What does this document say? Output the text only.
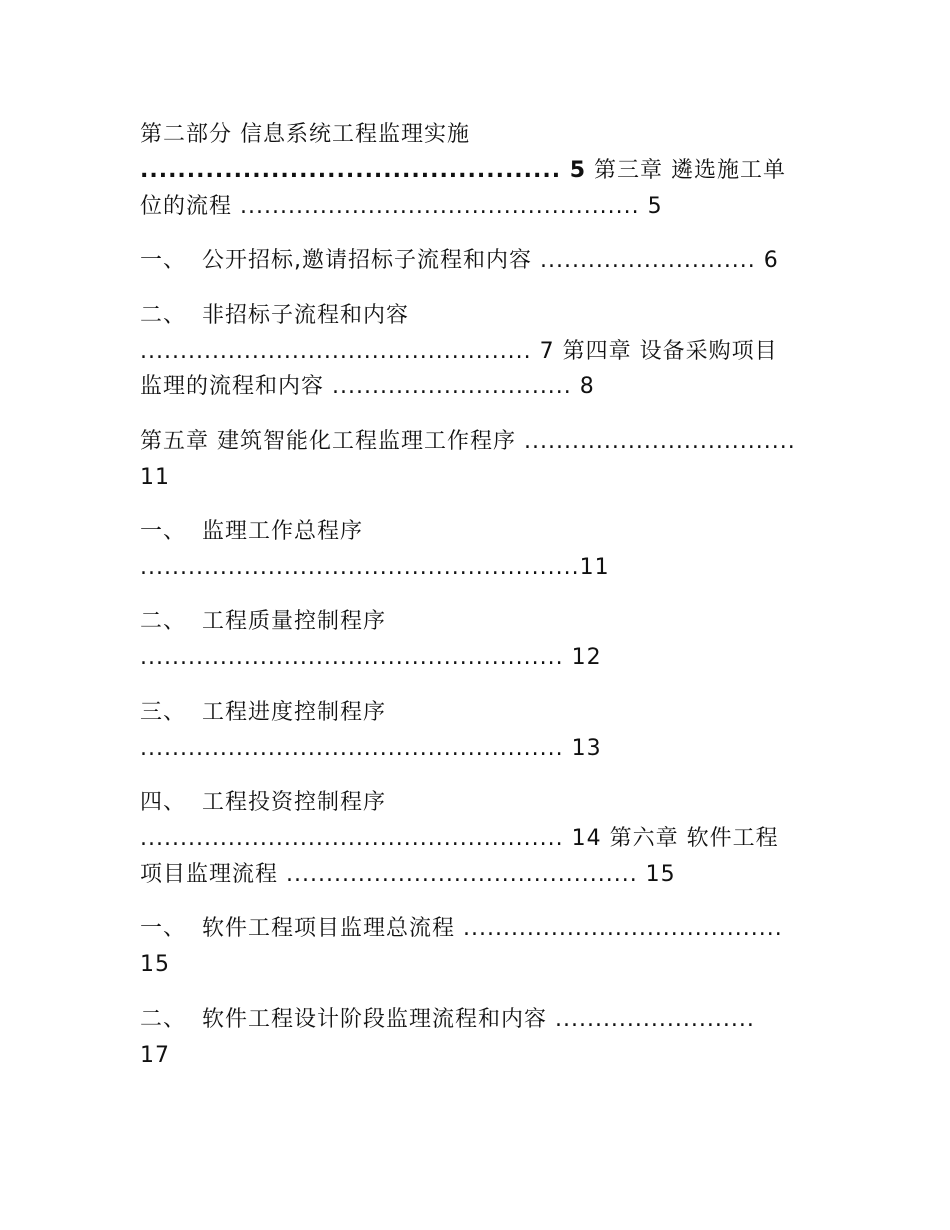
第二部分 信息系统工程监理实施
............................................. 5 第三章 遴选施工单
位的流程 .................................................. 5
一、  公开招标,邀请招标子流程和内容 ........................... 6
二、  非招标子流程和内容
................................................. 7 第四章 设备采购项目
监理的流程和内容 .............................. 8
第五章 建筑智能化工程监理工作程序 ..................................
11
一、  监理工作总程序
.......................................................11
二、  工程质量控制程序
..................................................... 12
三、  工程进度控制程序
..................................................... 13
四、  工程投资控制程序
..................................................... 14 第六章 软件工程
项目监理流程 ............................................ 15
一、  软件工程项目监理总流程 ........................................
15
二、  软件工程设计阶段监理流程和内容 .........................
17
